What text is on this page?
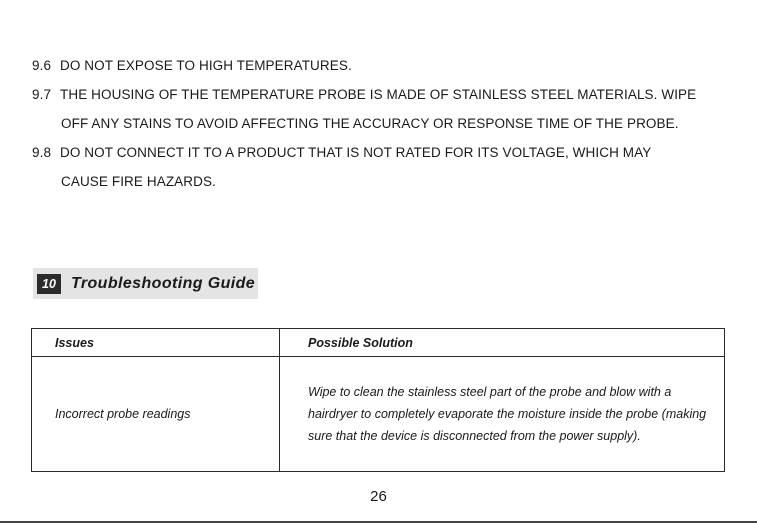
9.6 DO NOT EXPOSE TO HIGH TEMPERATURES.
9.7 THE HOUSING OF THE TEMPERATURE PROBE IS MADE OF STAINLESS STEEL MATERIALS. WIPE
OFF ANY STAINS TO AVOID AFFECTING THE ACCURACY OR RESPONSE TIME OF THE PROBE.
9.8 DO NOT CONNECT IT TO A PRODUCT THAT IS NOT RATED FOR ITS VOLTAGE, WHICH MAY
CAUSE FIRE HAZARDS.
10 Troubleshooting Guide
Issues	Possible Solution
Incorrect probe readings	Wipe to clean the stainless steel part of the probe and blow with a
hairdryer to completely evaporate the moisture inside the probe (making
sure that the device is disconnected from the power supply).
26
